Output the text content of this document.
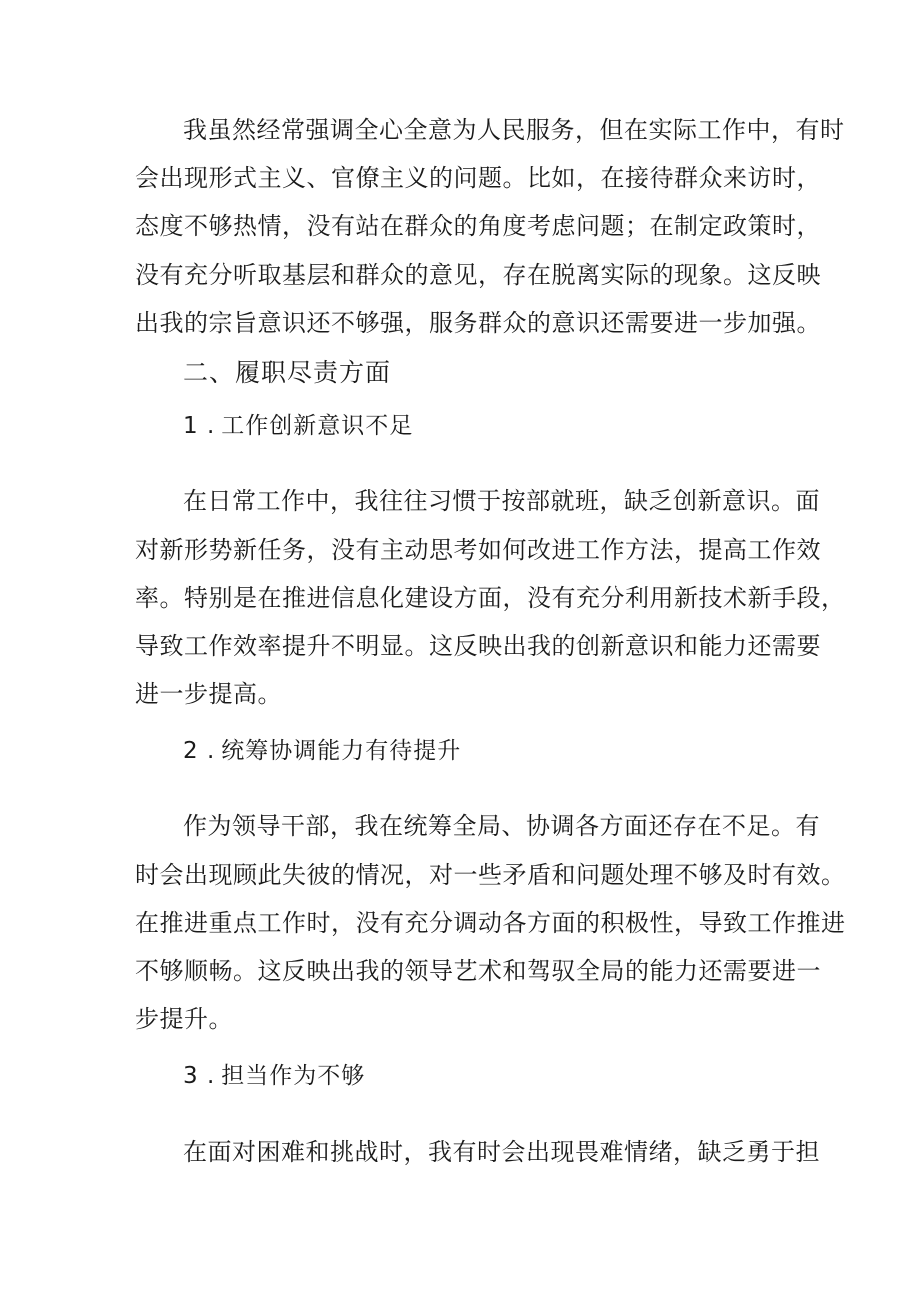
我虽然经常强调全心全意为人民服务，但在实际工作中，有时
会出现形式主义、官僚主义的问题。比如，在接待群众来访时，
态度不够热情，没有站在群众的角度考虑问题；在制定政策时，
没有充分听取基层和群众的意见，存在脱离实际的现象。这反映
出我的宗旨意识还不够强，服务群众的意识还需要进一步加强。
二、履职尽责方面
1 . 工作创新意识不足
在日常工作中，我往往习惯于按部就班，缺乏创新意识。面
对新形势新任务，没有主动思考如何改进工作方法，提高工作效
率。特别是在推进信息化建设方面，没有充分利用新技术新手段，
导致工作效率提升不明显。这反映出我的创新意识和能力还需要
进一步提高。
2 . 统筹协调能力有待提升
作为领导干部，我在统筹全局、协调各方面还存在不足。有
时会出现顾此失彼的情况，对一些矛盾和问题处理不够及时有效。
在推进重点工作时，没有充分调动各方面的积极性，导致工作推进
不够顺畅。这反映出我的领导艺术和驾驭全局的能力还需要进一
步提升。
3 . 担当作为不够
在面对困难和挑战时，我有时会出现畏难情绪，缺乏勇于担
